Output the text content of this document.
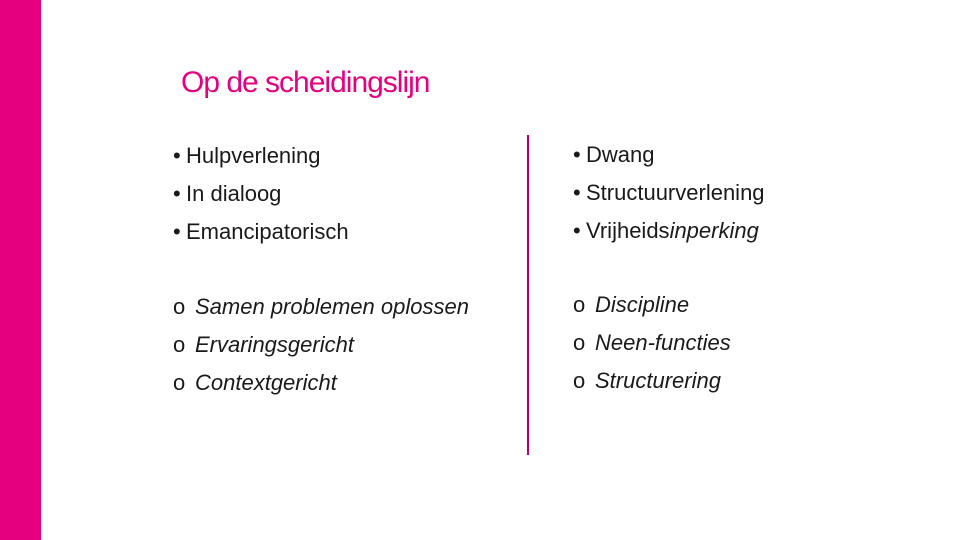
Op de scheidingslijn
• Hulpverlening
• In dialoog
• Emancipatorisch
• Dwang
• Structuurverlening
• Vrijheidsinperking
o Samen problemen oplossen
o Ervaringsgericht
o Contextgericht
o Discipline
o Neen-functies
o Structurering
